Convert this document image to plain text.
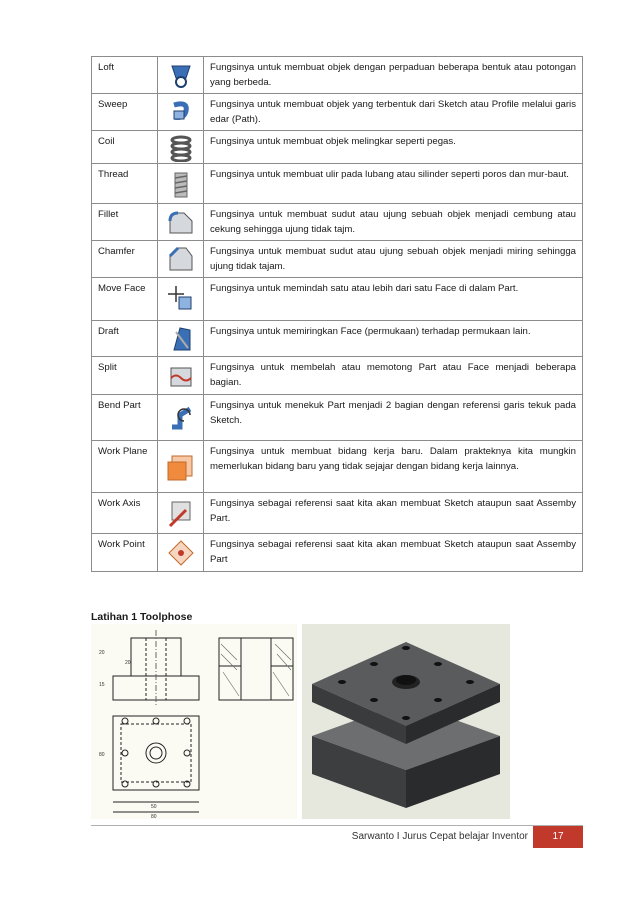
Loft		Fungsinya untuk membuat objek dengan perpaduan beberapa bentuk atau potongan yang berbeda.
Sweep		Fungsinya untuk membuat objek yang terbentuk dari Sketch atau Profile melalui garis edar (Path).
Coil		Fungsinya untuk membuat objek melingkar seperti pegas.
Thread		Fungsinya untuk membuat ulir pada lubang atau silinder seperti poros dan mur-baut.
Fillet		Fungsinya untuk membuat sudut atau ujung sebuah objek menjadi cembung atau cekung sehingga ujung tidak tajm.
Chamfer		Fungsinya untuk membuat sudut atau ujung sebuah objek menjadi miring sehingga ujung tidak tajam.
Move Face		Fungsinya untuk memindah satu atau lebih dari satu Face di dalam Part.
Draft		Fungsinya untuk memiringkan Face (permukaan) terhadap permukaan lain.
Split		Fungsinya untuk membelah atau memotong Part atau Face menjadi beberapa bagian.
Bend Part		Fungsinya untuk menekuk Part menjadi 2 bagian dengan referensi garis tekuk pada Sketch.
Work Plane		Fungsinya untuk membuat bidang kerja baru. Dalam prakteknya kita mungkin memerlukan bidang baru yang tidak sejajar dengan bidang kerja lainnya.
Work Axis		Fungsinya sebagai referensi saat kita akan membuat Sketch ataupun saat Assemby Part.
Work Point		Fungsinya sebagai referensi saat kita akan membuat Sketch ataupun saat Assemby Part
Latihan 1 Toolphose
20
15
20
50
80
80
Sarwanto I Jurus Cepat belajar Inventor	17
